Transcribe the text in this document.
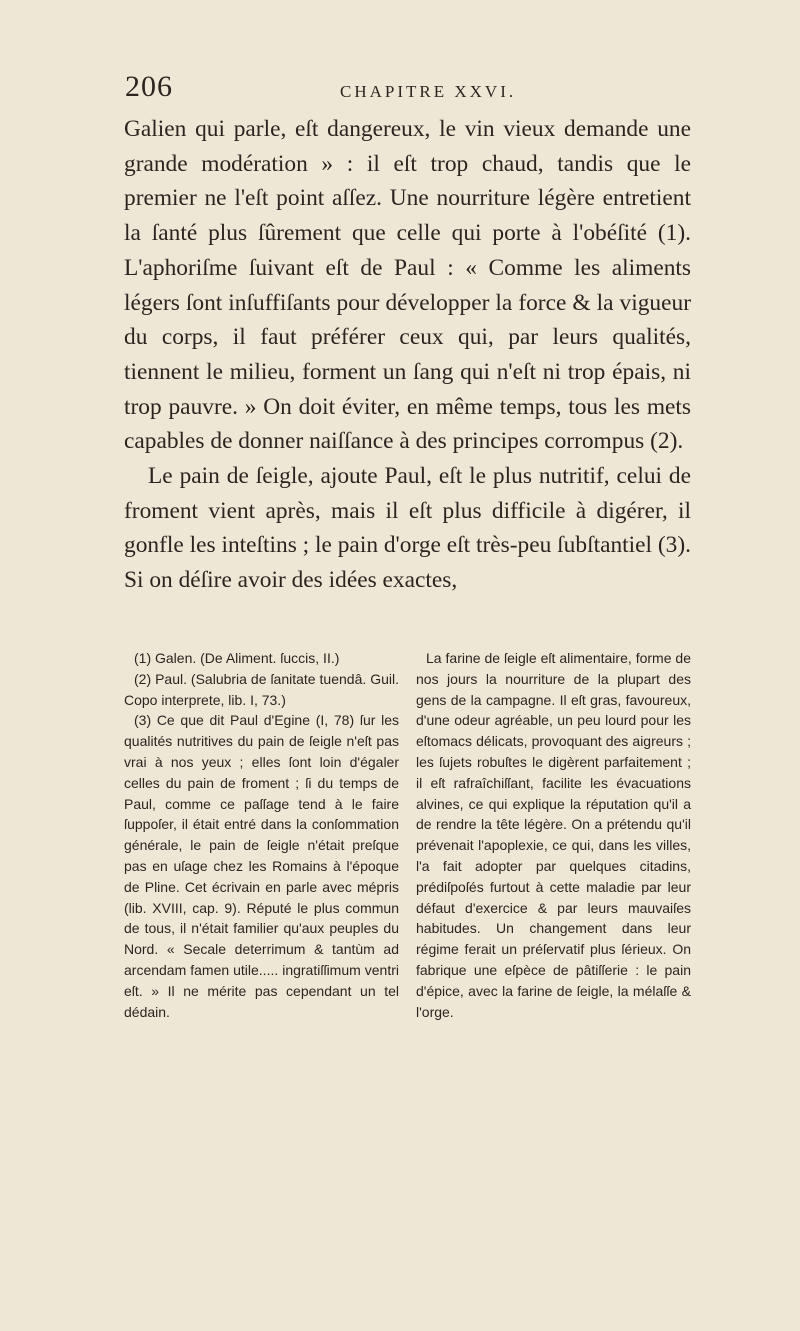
206	CHAPITRE XXVI.

Galien qui parle, eſt dangereux, le vin vieux demande une grande modération » : il eſt trop chaud, tandis que le premier ne l'eſt point aſſez. Une nourriture légère entretient la ſanté plus ſûrement que celle qui porte à l'obéſité (1). L'aphoriſme ſuivant eſt de Paul : « Comme les aliments légers ſont inſuffiſants pour développer la force & la vigueur du corps, il faut préférer ceux qui, par leurs qualités, tiennent le milieu, forment un ſang qui n'eſt ni trop épais, ni trop pauvre. » On doit éviter, en même temps, tous les mets capables de donner naiſſance à des principes corrompus (2).

Le pain de ſeigle, ajoute Paul, eſt le plus nutritif, celui de froment vient après, mais il eſt plus difficile à digérer, il gonfle les inteſtins ; le pain d'orge eſt très-peu ſubſtantiel (3). Si on déſire avoir des idées exactes,

(1) Galen. (De Aliment. ſuccis, II.)

(2) Paul. (Salubria de ſanitate tuendâ. Guil. Copo interprete, lib. I, 73.)

(3) Ce que dit Paul d'Egine (I, 78) ſur les qualités nutritives du pain de ſeigle n'eſt pas vrai à nos yeux ; elles ſont loin d'égaler celles du pain de froment ; ſi du temps de Paul, comme ce paſſage tend à le faire ſuppoſer, il était entré dans la conſommation générale, le pain de ſeigle n'était preſque pas en uſage chez les Romains à l'époque de Pline. Cet écrivain en parle avec mépris (lib. XVIII, cap. 9). Réputé le plus commun de tous, il n'était familier qu'aux peuples du Nord. « Secale deterrimum & tantùm ad arcendam famen utile..... ingratiſſimum ventri eſt. » Il ne mérite pas cependant un tel dédain.

La farine de ſeigle eſt alimentaire, forme de nos jours la nourriture de la plupart des gens de la campagne. Il eſt gras, favoureux, d'une odeur agréable, un peu lourd pour les eſtomacs délicats, provoquant des aigreurs ; les ſujets robuſtes le digèrent parfaitement ; il eſt rafraîchiſſant, facilite les évacuations alvines, ce qui explique la réputation qu'il a de rendre la tête légère. On a prétendu qu'il prévenait l'apoplexie, ce qui, dans les villes, l'a fait adopter par quelques citadins, prédiſpoſés furtout à cette maladie par leur défaut d'exercice & par leurs mauvaiſes habitudes. Un changement dans leur régime ferait un préſervatif plus ſérieux. On fabrique une eſpèce de pâtiſſerie : le pain d'épice, avec la farine de ſeigle, la mélaſſe & l'orge.
